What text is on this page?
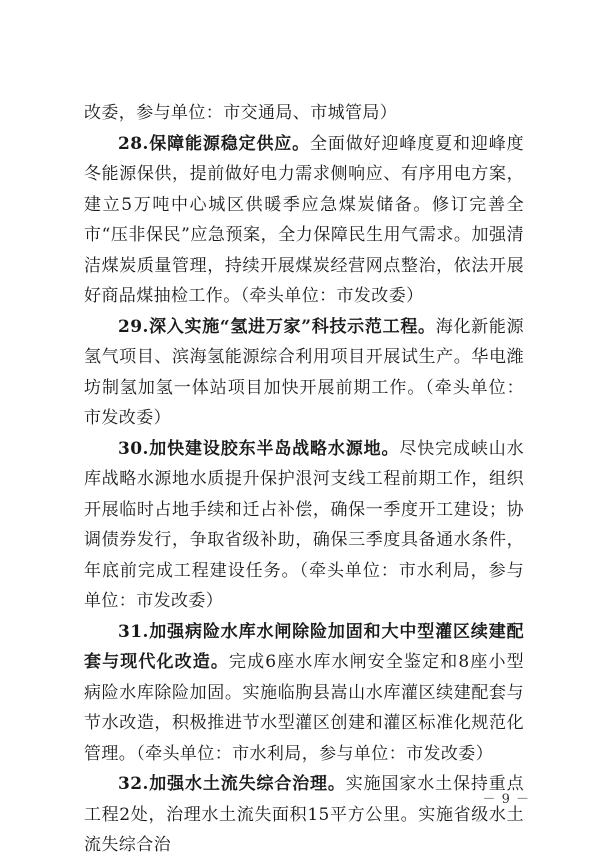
改委，参与单位：市交通局、市城管局）

28.保障能源稳定供应。全面做好迎峰度夏和迎峰度冬能源保供，提前做好电力需求侧响应、有序用电方案，建立5万吨中心城区供暖季应急煤炭储备。修订完善全市“压非保民”应急预案，全力保障民生用气需求。加强清洁煤炭质量管理，持续开展煤炭经营网点整治，依法开展好商品煤抽检工作。（牵头单位：市发改委）

29.深入实施“氢进万家”科技示范工程。海化新能源氢气项目、滨海氢能源综合利用项目开展试生产。华电潍坊制氢加氢一体站项目加快开展前期工作。（牵头单位：市发改委）

30.加快建设胶东半岛战略水源地。尽快完成峡山水库战略水源地水质提升保护泿河支线工程前期工作，组织开展临时占地手续和迁占补偿，确保一季度开工建设；协调债券发行，争取省级补助，确保三季度具备通水条件，年底前完成工程建设任务。（牵头单位：市水利局，参与单位：市发改委）

31.加强病险水库水闸除险加固和大中型灌区续建配套与现代化改造。完成6座水库水闸安全鉴定和8座小型病险水库除险加固。实施临朐县嵩山水库灌区续建配套与节水改造，积极推进节水型灌区创建和灌区标准化规范化管理。（牵头单位：市水利局，参与单位：市发改委）

32.加强水土流失综合治理。实施国家水土保持重点工程2处，治理水土流失面积15平方公里。实施省级水土流失综合治

－ 9 －
